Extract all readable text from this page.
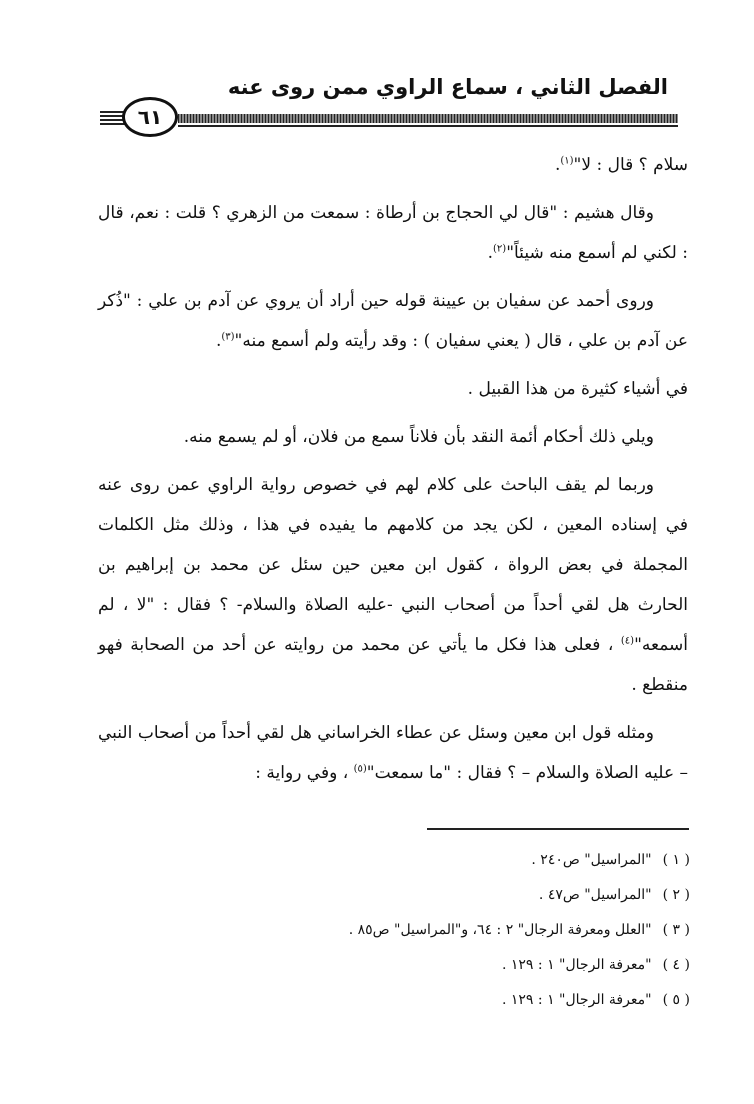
الفصل الثاني ، سماع الراوي ممن روى عنه
٦١

سلام ؟ قال : لا"$^{(١)}$.

وقال هشيم : "قال لي الحجاج بن أرطاة : سمعت من الزهري ؟ قلت : نعم، قال : لكني لم أسمع منه شيئاً"$^{(٢)}$.

وروى أحمد عن سفيان بن عيينة قوله حين أراد أن يروي عن آدم بن علي : "ذُكر عن آدم بن علي ، قال ( يعني سفيان ) : وقد رأيته ولم أسمع منه"$^{(٣)}$.

في أشياء كثيرة من هذا القبيل .

ويلي ذلك أحكام أئمة النقد بأن فلاناً سمع من فلان، أو لم يسمع منه.

وربما لم يقف الباحث على كلام لهم في خصوص رواية الراوي عمن روى عنه في إسناده المعين ، لكن يجد من كلامهم ما يفيده في هذا ، وذلك مثل الكلمات المجملة في بعض الرواة ، كقول ابن معين حين سئل عن محمد بن إبراهيم بن الحارث هل لقي أحداً من أصحاب النبي -عليه الصلاة والسلام- ؟ فقال : "لا ، لم أسمعه"$^{(٤)}$ ، فعلى هذا فكل ما يأتي عن محمد من روايته عن أحد من الصحابة فهو منقطع .

ومثله قول ابن معين وسئل عن عطاء الخراساني هل لقي أحداً من أصحاب النبي – عليه الصلاة والسلام – ؟ فقال : "ما سمعت"$^{(٥)}$ ، وفي رواية :

( ١ ) "المراسيل" ص٢٤٠ .
( ٢ ) "المراسيل" ص٤٧ .
( ٣ ) "العلل ومعرفة الرجال" ٢ : ٦٤، و"المراسيل" ص٨٥ .
( ٤ ) "معرفة الرجال" ١ : ١٢٩ .
( ٥ ) "معرفة الرجال" ١ : ١٢٩ .
